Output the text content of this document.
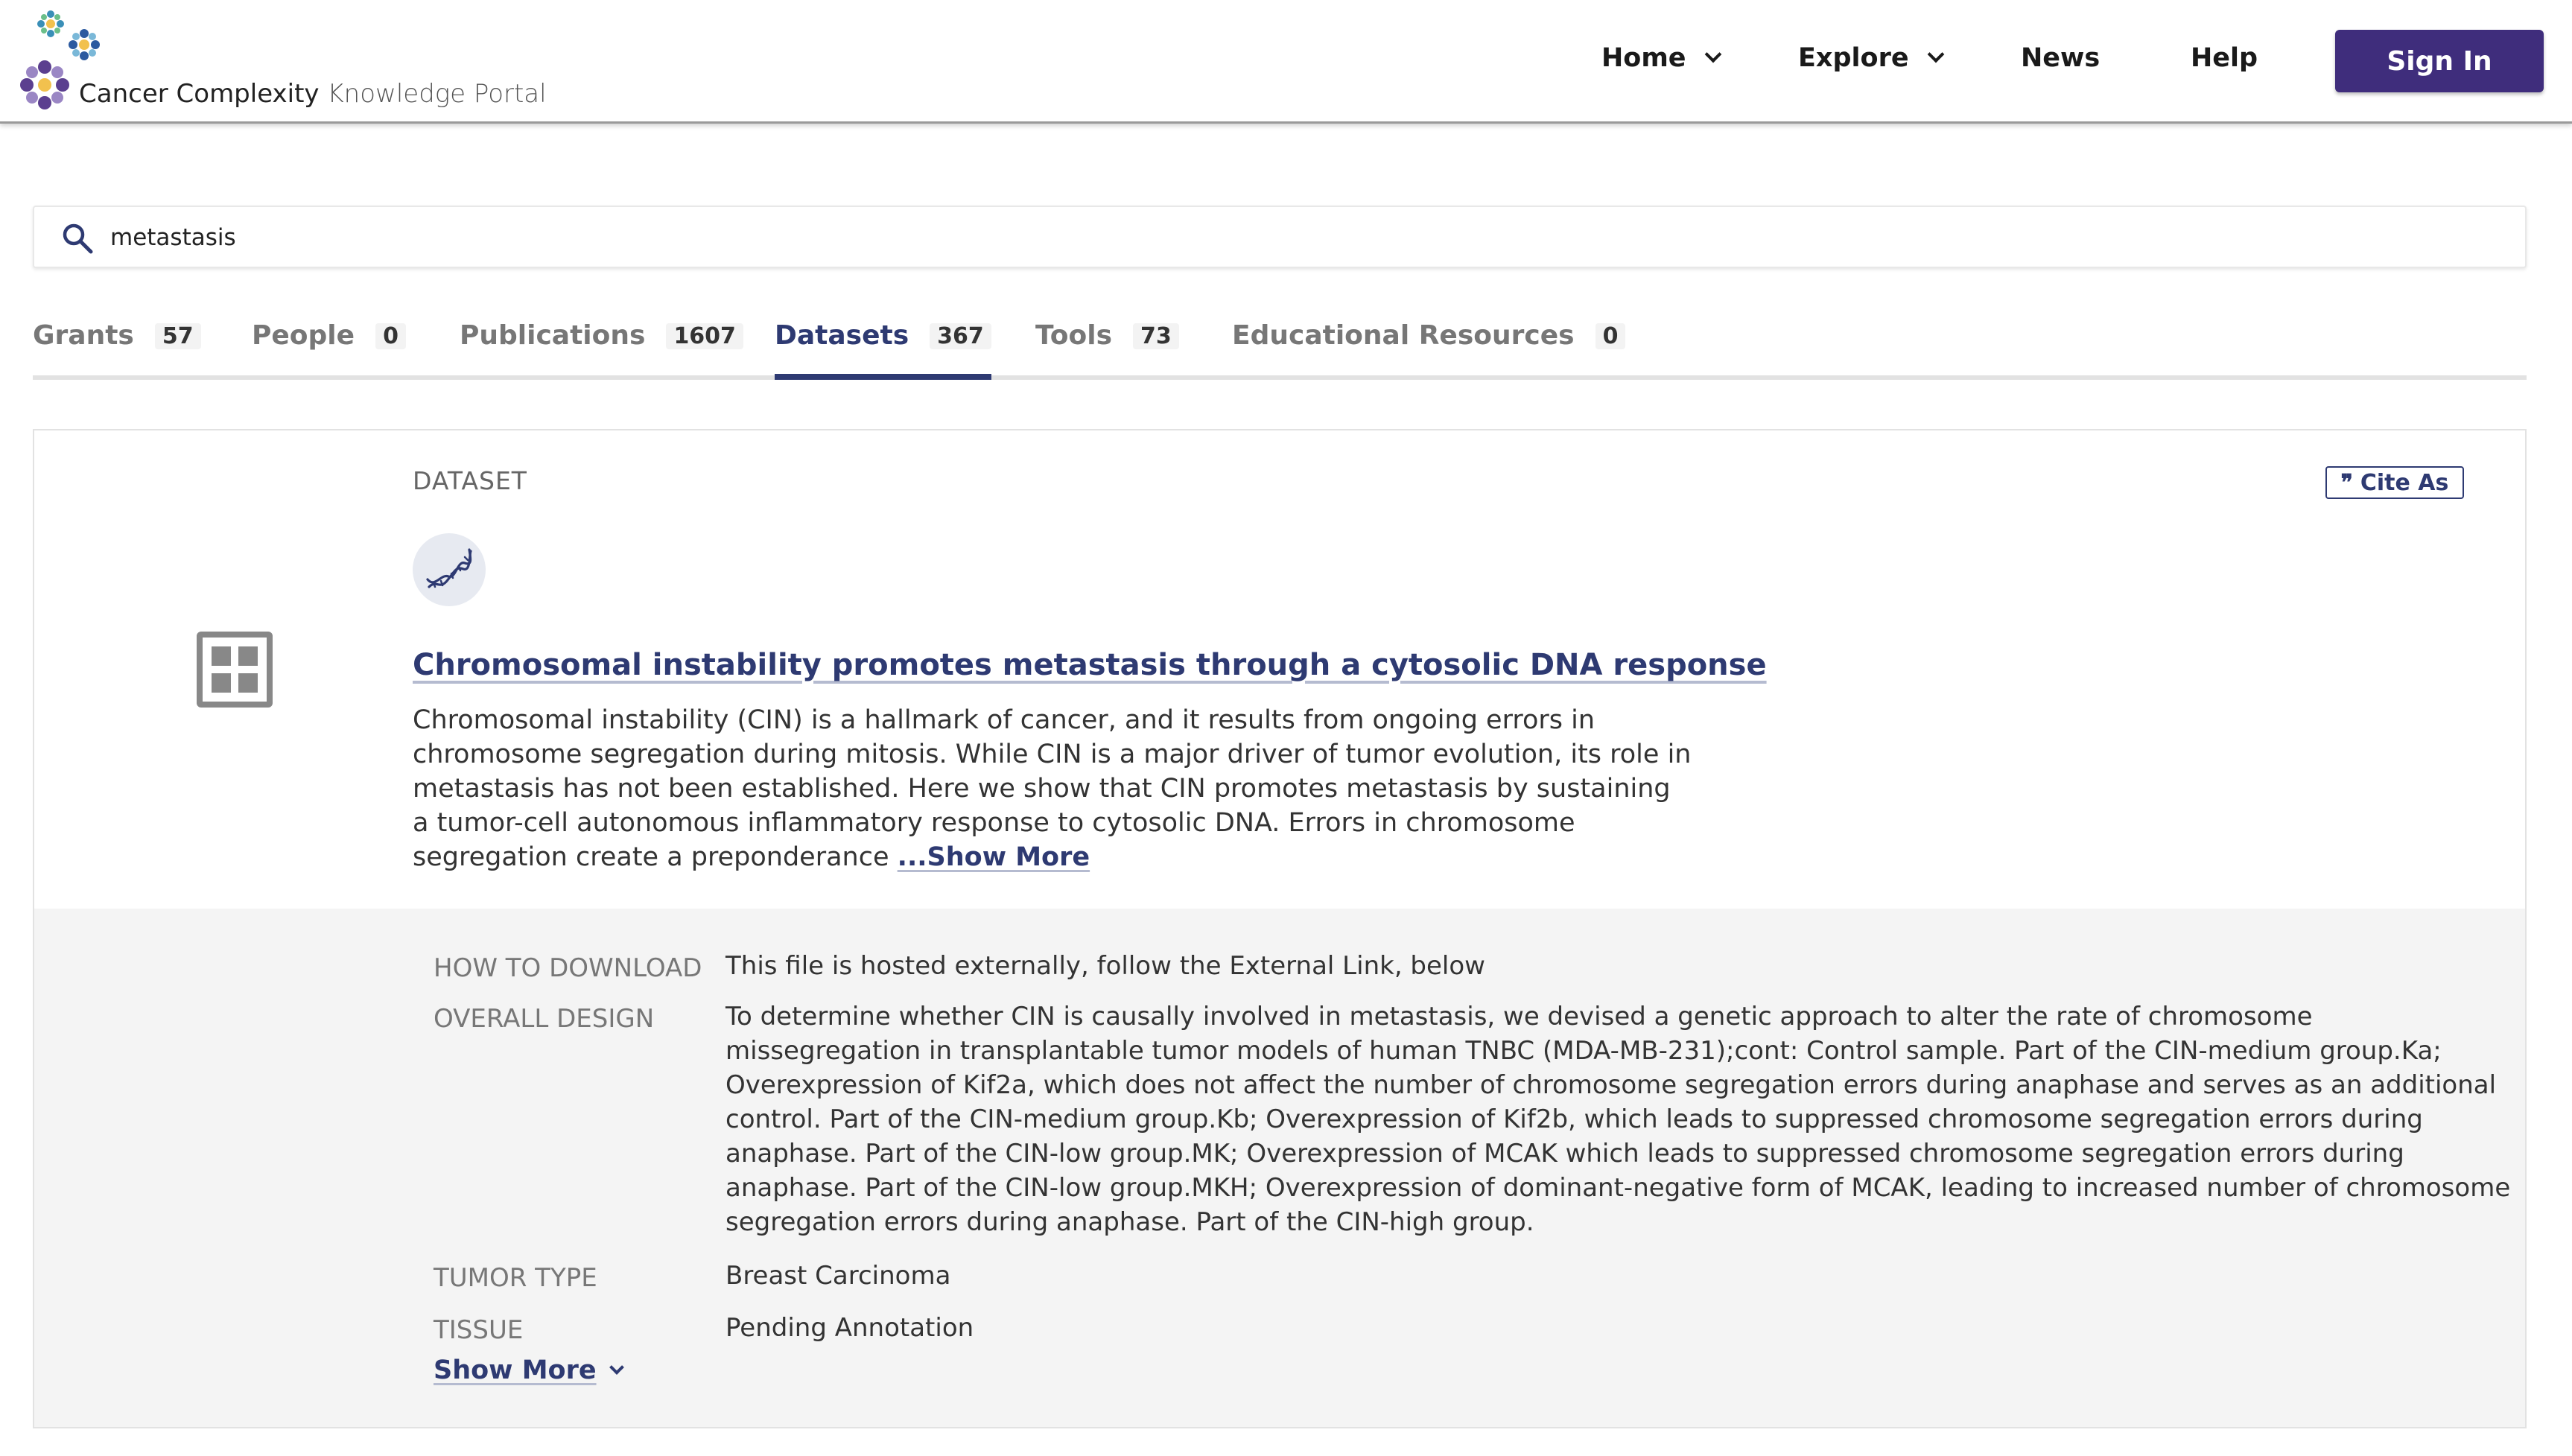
Cancer Complexity Knowledge Portal
Home	Explore	News	Help	Sign In
metastasis
Grants	57 People	0 Publications	1607 Datasets	367 Tools	73 Educational Resources	0
DATASET	❞ Cite As
Chromosomal instability promotes metastasis through a cytosolic DNA response
Chromosomal instability (CIN) is a hallmark of cancer, and it results from ongoing errors in chromosome segregation during mitosis. While CIN is a major driver of tumor evolution, its role in metastasis has not been established. Here we show that CIN promotes metastasis by sustaining a tumor-cell autonomous inflammatory response to cytosolic DNA. Errors in chromosome segregation create a preponderance ...Show More
HOW TO DOWNLOAD This file is hosted externally, follow the External Link, below
OVERALL DESIGN	To determine whether CIN is causally involved in metastasis, we devised a genetic approach to alter the rate of chromosome missegregation in transplantable tumor models of human TNBC (MDA-MB-231);cont: Control sample. Part of the CIN-medium group.Ka; Overexpression of Kif2a, which does not affect the number of chromosome segregation errors during anaphase and serves as an additional control. Part of the CIN-medium group.Kb; Overexpression of Kif2b, which leads to suppressed chromosome segregation errors during anaphase. Part of the CIN-low group.MK; Overexpression of MCAK which leads to suppressed chromosome segregation errors during anaphase. Part of the CIN-low group.MKH; Overexpression of dominant-negative form of MCAK, leading to increased number of chromosome segregation errors during anaphase. Part of the CIN-high group.
TUMOR TYPE	Breast Carcinoma
TISSUE	Pending Annotation
Show More
